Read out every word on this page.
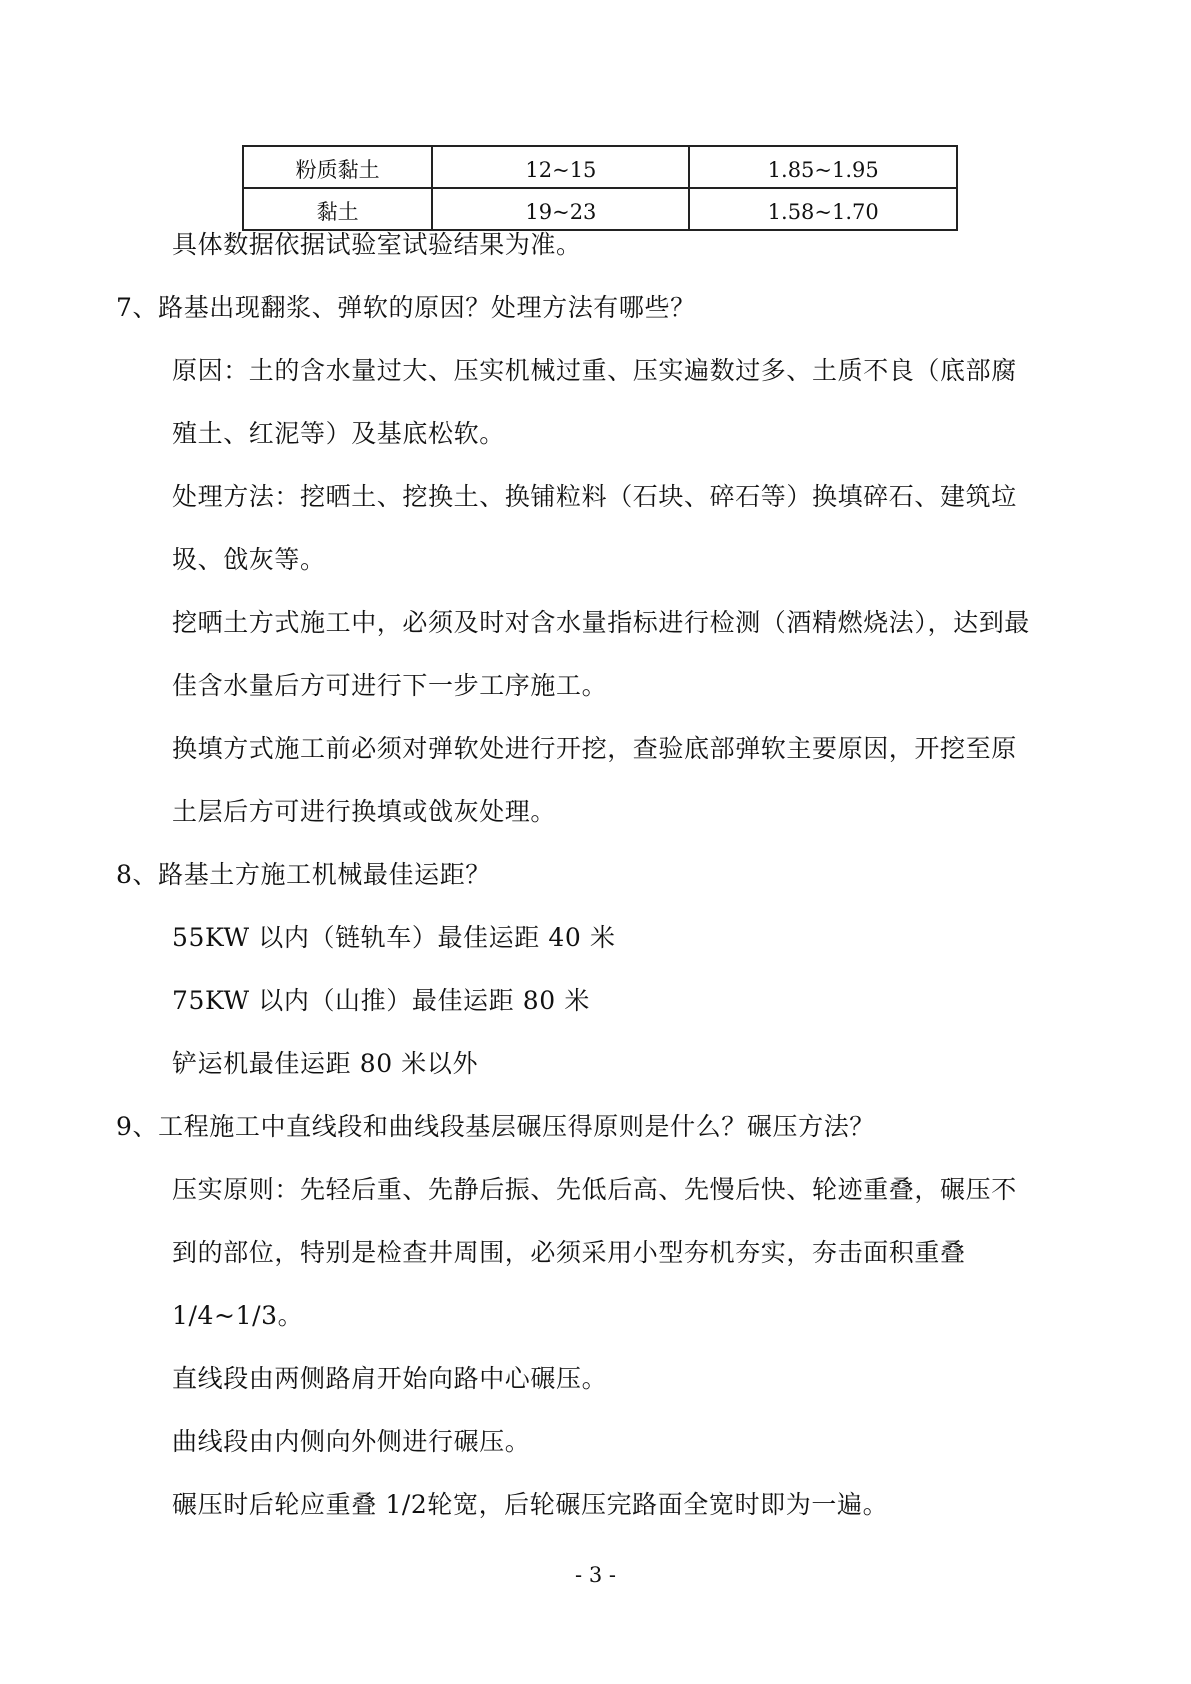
粉质黏土	12~15	1.85~1.95
黏土	19~23	1.58~1.70
具体数据依据试验室试验结果为准。
7、路基出现翻浆、弹软的原因？处理方法有哪些？
原因：土的含水量过大、压实机械过重、压实遍数过多、土质不良（底部腐
殖土、红泥等）及基底松软。
处理方法：挖晒土、挖换土、换铺粒料（石块、碎石等）换填碎石、建筑垃
圾、戗灰等。
挖晒土方式施工中，必须及时对含水量指标进行检测（酒精燃烧法），达到最
佳含水量后方可进行下一步工序施工。
换填方式施工前必须对弹软处进行开挖，查验底部弹软主要原因，开挖至原
土层后方可进行换填或戗灰处理。
8、路基土方施工机械最佳运距？
55KW 以内（链轨车）最佳运距 40 米
75KW 以内（山推）最佳运距 80 米
铲运机最佳运距 80 米以外
9、工程施工中直线段和曲线段基层碾压得原则是什么？碾压方法？
压实原则：先轻后重、先静后振、先低后高、先慢后快、轮迹重叠，碾压不
到的部位，特别是检查井周围，必须采用小型夯机夯实，夯击面积重叠
1/4~1/3。
直线段由两侧路肩开始向路中心碾压。
曲线段由内侧向外侧进行碾压。
碾压时后轮应重叠 1/2轮宽，后轮碾压完路面全宽时即为一遍。
- 3 -
